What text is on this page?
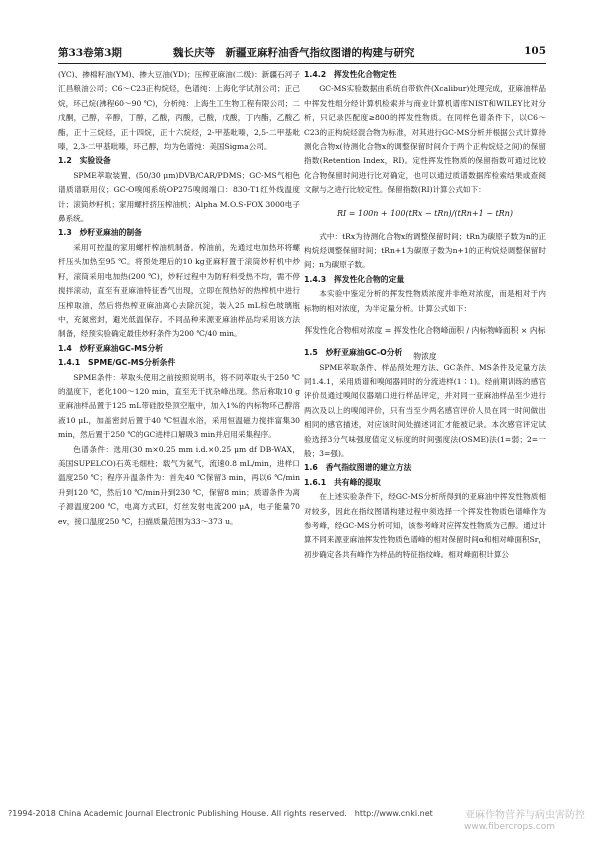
第33卷第3期	魏长庆等　新疆亚麻籽油香气指纹图谱的构建与研究	105

(YC)、掺棉籽油(YM)、掺大豆油(YD)；压榨亚麻油(二级)：新疆石河子汇昌粮油公司；C6～C23正构烷烃，色谱纯：上海化学试剂公司；正己烷，环己烷(沸程60～90 ℃)，分析纯：上海生工生物工程有限公司；二戊酮，己醇，辛醇，丁醇，乙酸，丙酸，己酸，戊酸，丁内酯，乙酸乙酯，正十三烷烃，正十四烷，正十六烷烃，2-甲基吡嗪，2,5-二甲基吡嗪，2,3-二甲基吡嗪，环己醇，均为色谱纯：美国Sigma公司。

1.2　实验设备

SPME萃取装置、(50/30 μm)DVB/CAR/PDMS；GC-MS气相色谱质谱联用仪；GC-O嗅闻系统OP275嗅闻端口：830-T1红外线温度计；滚筒炒籽机；家用螺杆挤压榨油机；Alpha M.O.S-FOX 3000电子鼻系统。

1.3　炒籽亚麻油的制备

采用可控温的家用螺杆榨油机制备。榨油前，先通过电加热环将螺杆压头加热至95 ℃。将预处理后的10 kg亚麻籽置于滚筒炒籽机中炒籽，滚筒采用电加热(200 ℃)，炒籽过程中为防籽料受热不均，需不停搅拌滚动，直至有亚麻油特征香气出现，立即在预热好的热榨机中进行压榨取油，然后将热榨亚麻油离心去除沉淀，装入25 mL棕色玻璃瓶中，充氮密封，避光低温保存。不同品种来源亚麻油样品均采用该方法制备，经预实验确定最佳炒籽条件为200 ℃/40 min。

1.4　炒籽亚麻油GC-MS分析
1.4.1　SPME/GC-MS分析条件

SPME条件：萃取头使用之前按照说明书，将不同萃取头于250 ℃的温度下，老化100～120 min，直至无干扰杂峰出现。然后称取10 g亚麻油样品置于125 mL带硅胶垫顶空瓶中，加入1%的内标物环己醇溶液10 μL，加盖密封后置于40 ℃恒温水浴，采用恒温磁力搅拌富集30 min，然后置于250 ℃的GC进样口解吸3 min并启用采集程序。

色谱条件：选用(30 m×0.25 mm i.d.×0.25 μm df DB-WAX，美国SUPELCO)石英毛细柱；载气为氦气，流速0.8 mL/min，进样口温度250 ℃；程序升温条件为：首先40 ℃保留3 min，再以6 ℃/min升到120 ℃，然后10 ℃/min升到230 ℃，保留8 min；质谱条件为离子源温度200 ℃，电离方式EI，灯丝发射电流200 μA，电子能量70 ev，接口温度250 ℃，扫描质量范围为33～373 u。

1.4.2　挥发性化合物定性

GC-MS实验数据由系统自带软件(Xcalibur)处理完成，亚麻油样品中挥发性组分经计算机检索并与商业计算机谱库NIST和WILEY比对分析，只记录匹配度≥800的挥发性物质。在同样色谱条件下，以C6～C23的正构烷烃混合物为标准，对其进行GC-MS分析并根据公式计算待测化合物x(待测化合物x的调整保留时间介于两个正构烷烃之间)的保留指数(Retention Index，RI)。定性挥发性物质的保留指数可通过比较化合物保留时间进行比对确定，也可以通过质谱数据库检索结果或查阅文献与之进行比较定性。保留指数(RI)计算公式如下：

RI = 100n + 100(tRx − tRn)/(tRn+1 − tRn)

式中：tRx为待测化合物x的调整保留时间；tRn为碳原子数为n的正构烷烃调整保留时间；tRn+1为碳原子数为n+1的正构烷烃调整保留时间；n为碳原子数。

1.4.3　挥发性化合物的定量

本实验中鉴定分析的挥发性物质浓度并非绝对浓度，而是相对于内标物的相对浓度，为半定量分析。计算公式如下：

挥发性化合物相对浓度 = 挥发性化合物峰面积 / 内标物峰面积 × 内标物浓度
1.5　炒籽亚麻油GC-O分析

SPME萃取条件、样品预处理方法、GC条件、MS条件及定量方法同1.4.1，采用质谱和嗅闻器同时的分流进样(1∶1)。经前期训练的感官评价员通过嗅闻仪器端口进行样品评定，并对同一亚麻油样品至少进行两次及以上的嗅闻评价，只有当至少两名感官评价人员在同一时间做出相同的感官描述，对应该时间处描述词汇才能被记录。本次感官评定试验选择3分气味强度值定义标度的时间强度法(OSME)法(1=弱；2=一般；3=强)。

1.6　香气指纹图谱的建立方法
1.6.1　共有峰的提取

在上述实验条件下，经GC-MS分析所得到的亚麻油中挥发性物质相对较多，因此在指纹图谱构建过程中须选择一个挥发性物质色谱峰作为参考峰，经GC-MS分析可知，该参考峰对应挥发性物质为己醇。通过计算不同来源亚麻油挥发性物质色谱峰的相对保留时间α和相对峰面积Sr，初步确定各共有峰作为样品的特征指纹峰。相对峰面积计算公

?1994-2018 China Academic Journal Electronic Publishing House. All rights reserved.　http://www.cnki.net	亚麻作物营养与病虫害防控
www.fibercrops.com
